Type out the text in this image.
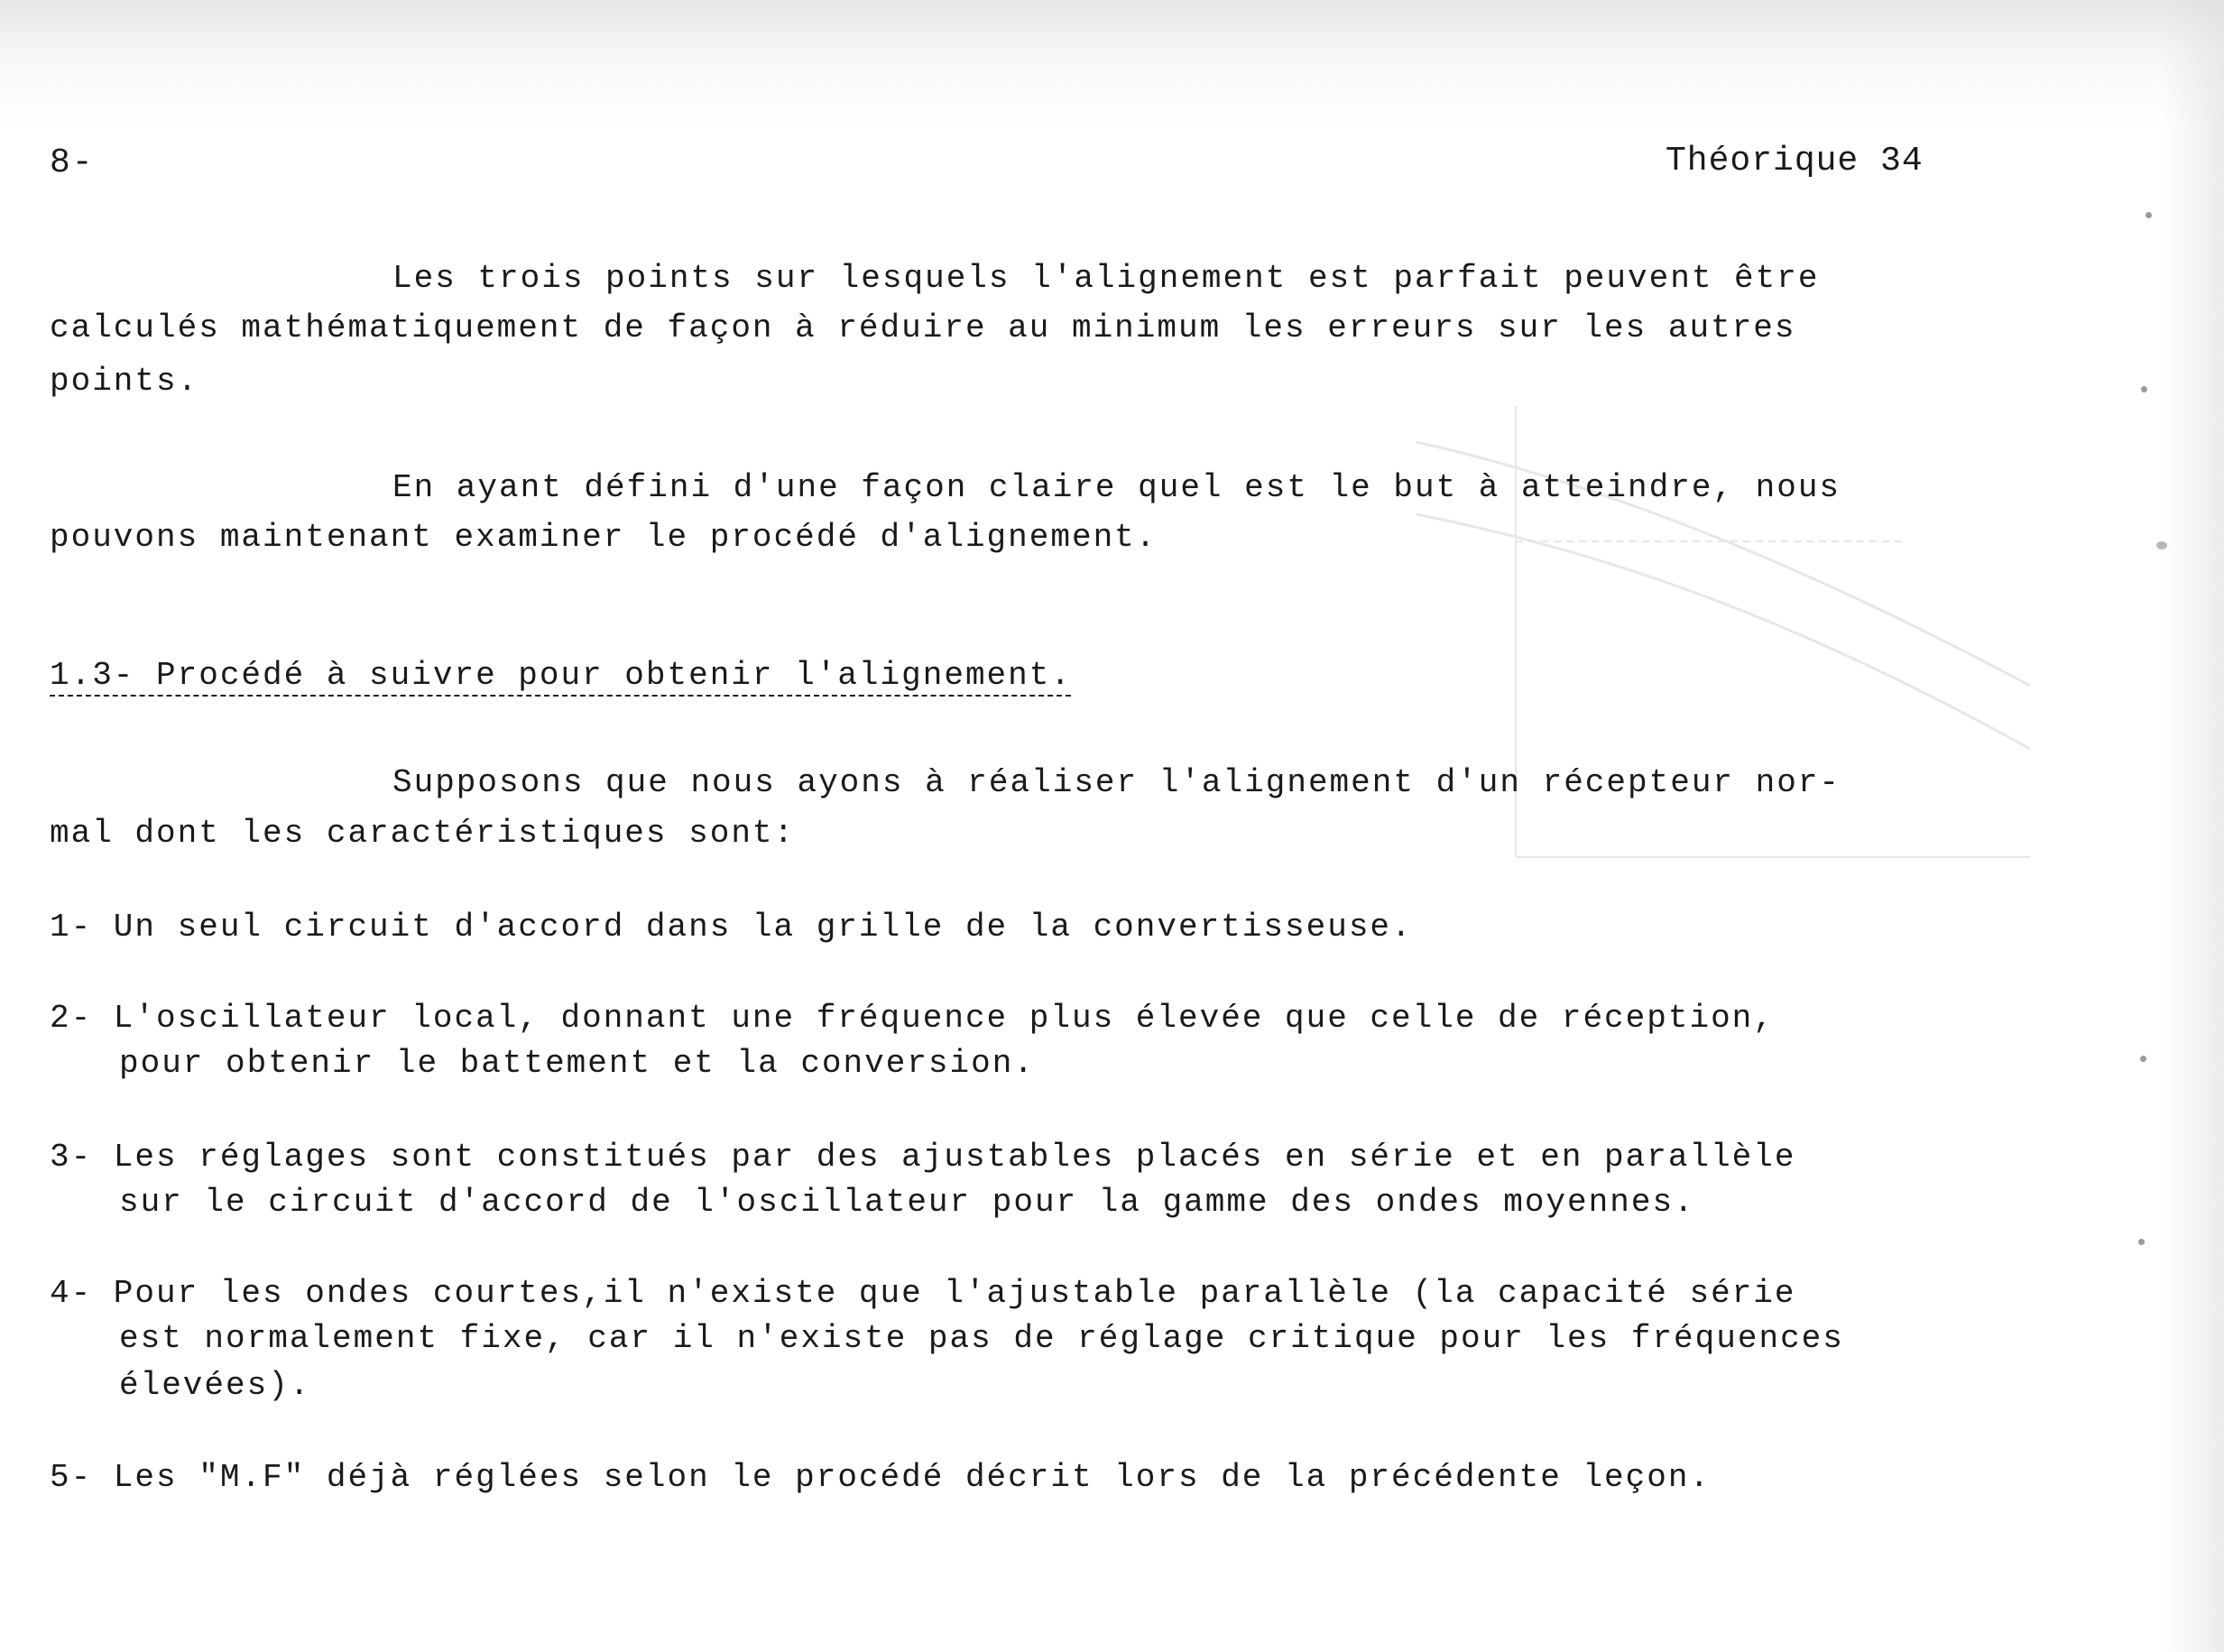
8-	Théorique 34
Les trois points sur lesquels l'alignement est parfait peuvent être
calculés mathématiquement de façon à réduire au minimum les erreurs sur les autres
points.
En ayant défini d'une façon claire quel est le but à atteindre, nous
pouvons maintenant examiner le procédé d'alignement.
1.3- Procédé à suivre pour obtenir l'alignement.
Supposons que nous ayons à réaliser l'alignement d'un récepteur nor-
mal dont les caractéristiques sont:
1- Un seul circuit d'accord dans la grille de la convertisseuse.
2- L'oscillateur local, donnant une fréquence plus élevée que celle de réception,
pour obtenir le battement et la conversion.
3- Les réglages sont constitués par des ajustables placés en série et en parallèle
sur le circuit d'accord de l'oscillateur pour la gamme des ondes moyennes.
4- Pour les ondes courtes,il n'existe que l'ajustable parallèle (la capacité série
est normalement fixe, car il n'existe pas de réglage critique pour les fréquences
élevées).
5- Les "M.F" déjà réglées selon le procédé décrit lors de la précédente leçon.
